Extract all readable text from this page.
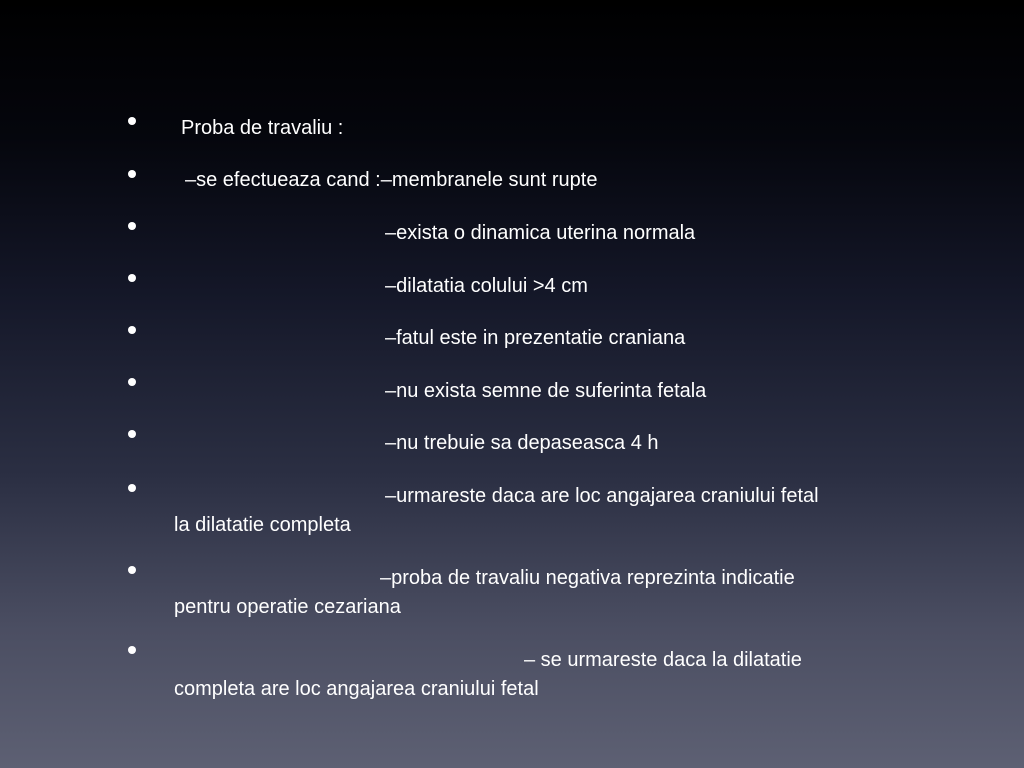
Proba de travaliu :
–se efectueaza cand :–membranele sunt rupte
–exista o dinamica uterina normala
–dilatatia colului >4 cm
–fatul este in prezentatie craniana
–nu exista semne de suferinta fetala
–nu trebuie sa depaseasca 4 h
–urmareste daca are loc angajarea craniului fetal
la dilatatie completa
–proba de travaliu negativa reprezinta indicatie
pentru operatie cezariana
– se urmareste daca la dilatatie
completa are loc angajarea craniului fetal
